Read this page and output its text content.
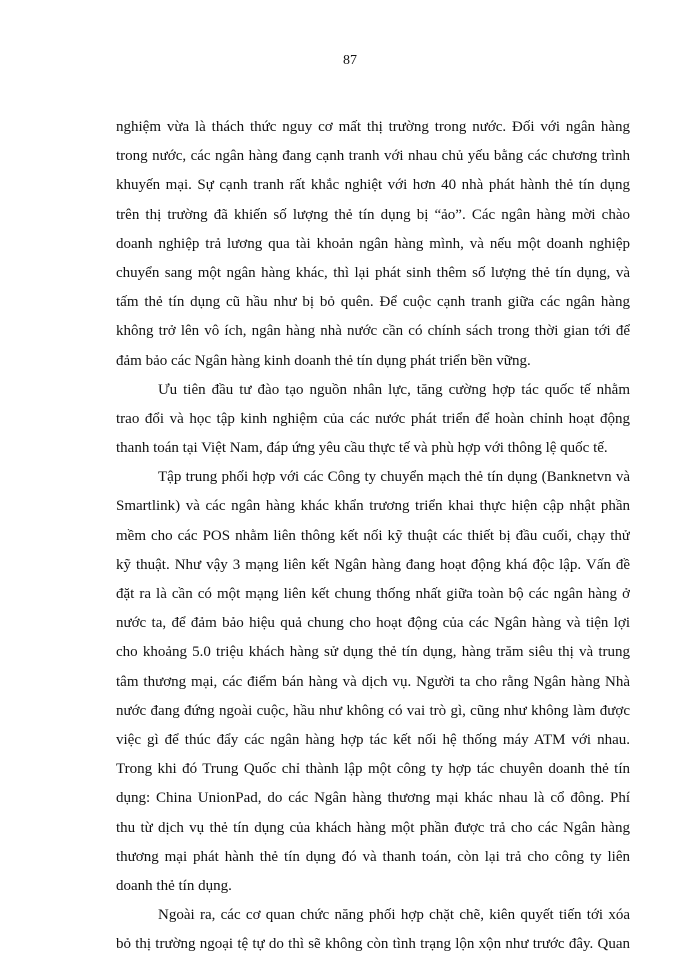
87
nghiệm vừa là thách thức nguy cơ mất thị trường trong nước. Đối với ngân hàng
trong nước, các ngân hàng đang cạnh tranh với nhau chủ yếu bằng các chương trình
khuyến mại. Sự cạnh tranh rất khắc nghiệt với hơn 40 nhà phát hành thẻ tín dụng
trên thị trường đã khiến số lượng thẻ tín dụng bị “ảo”. Các ngân hàng mời chào
doanh nghiệp trả lương qua tài khoản ngân hàng mình, và nếu một doanh nghiệp
chuyển sang một ngân hàng khác, thì lại phát sinh thêm số lượng thẻ tín dụng, và
tấm thẻ tín dụng cũ hầu như bị bỏ quên. Để cuộc cạnh tranh giữa các ngân hàng
không trở lên vô ích, ngân hàng nhà nước cần có chính sách trong thời gian tới để
đảm bảo các Ngân hàng kinh doanh thẻ tín dụng phát triển bền vững.
Ưu tiên đầu tư đào tạo nguồn nhân lực, tăng cường hợp tác quốc tế nhằm
trao đổi và học tập kinh nghiệm của các nước phát triển để hoàn chỉnh hoạt động
thanh toán tại Việt Nam, đáp ứng yêu cầu thực tế và phù hợp với thông lệ quốc tế.
Tập trung phối hợp với các Công ty chuyển mạch thẻ tín dụng (Banknetvn và
Smartlink) và các ngân hàng khác khẩn trương triển khai thực hiện cập nhật phần
mềm cho các POS nhằm liên thông kết nối kỹ thuật các thiết bị đầu cuối, chạy thử
kỹ thuật. Như vậy 3 mạng liên kết Ngân hàng đang hoạt động khá độc lập. Vấn đề
đặt ra là cần có một mạng liên kết chung thống nhất giữa toàn bộ các ngân hàng ở
nước ta, để đảm bảo hiệu quả chung cho hoạt động của các Ngân hàng và tiện lợi
cho khoảng 5.0 triệu khách hàng sử dụng thẻ tín dụng, hàng trăm siêu thị và trung
tâm thương mại, các điểm bán hàng và dịch vụ. Người ta cho rằng Ngân hàng Nhà
nước đang đứng ngoài cuộc, hầu như không có vai trò gì, cũng như không làm được
việc gì để thúc đẩy các ngân hàng hợp tác kết nối hệ thống máy ATM với nhau.
Trong khi đó Trung Quốc chỉ thành lập một công ty hợp tác chuyên doanh thẻ tín
dụng: China UnionPad, do các Ngân hàng thương mại khác nhau là cổ đông. Phí
thu từ dịch vụ thẻ tín dụng của khách hàng một phần được trả cho các Ngân hàng
thương mại phát hành thẻ tín dụng đó và thanh toán, còn lại trả cho công ty liên
doanh thẻ tín dụng.
Ngoài ra, các cơ quan chức năng phối hợp chặt chẽ, kiên quyết tiến tới xóa
bỏ thị trường ngoại tệ tự do thì sẽ không còn tình trạng lộn xộn như trước đây. Quan
